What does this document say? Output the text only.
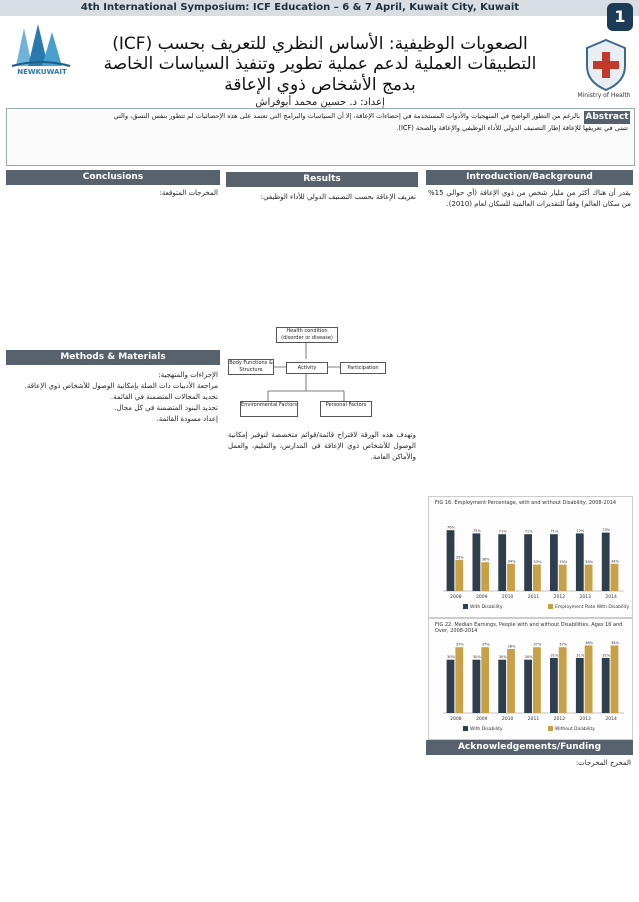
4th International Symposium: ICF Education – 6 & 7 April, Kuwait City, Kuwait	1
NEWKUWAIT
Ministry of Health
الصعوبات الوظيفية: الأساس النظري للتعريف بحسب (ICF)
التطبيقات العملية لدعم عملية تطوير وتنفيذ السياسات الخاصة
بدمج الأشخاص ذوي الإعاقة
إعداد: د. حسين محمد أبوفراش
Abstract
بالرغم من التطور الواضح في المنهجيات والأدوات المستخدمة في إحصاءات الإعاقة، إلا أن السياسات والبرامج التي تعتمد على هذه الإحصائيات لم تتطور بنفس النسق، والتي
تتبنى في تعريفها للإعاقة إطار التصنيف الدولي للأداء الوظيفي والإعاقة والصحة (ICF).
Introduction/Background
Results
Conclusions
Methods & Materials
Acknowledgements/Funding
يقدر أن هناك أكثر من مليار شخص من ذوي الإعاقة (أي حوالي 15% من سكان العالم) وفقاً للتقديرات العالمية للسكان لعام (2010).
تعريف الإعاقة بحسب التصنيف الدولي للأداء الوظيفي:
وتهدف هذه الورقة لاقتراح قائمة/قوائم متخصصة لتوفير إمكانية الوصول للأشخاص ذوي الإعاقة في المدارس، والتعليم، والعمل والأماكن العامة.
المخرجات المتوقعة:
الإجراءات والمنهجية:
مراجعة الأدبيات ذات الصلة بإمكانية الوصول للأشخاص ذوي الإعاقة.
تحديد المجالات المتضمنة في القائمة.
تحديد البنود المتضمنة في كل مجال.
إعداد مسودة القائمة.
المخرج المخرجات:
Health condition
(disorder or disease)
Body Functions & Structure	Activity	Participation
Environmental Factors	Personal Factors
FIG 16. Employment Percentage, with and without Disability, 2008-2014
76%
39%
2008
72%
36%
2009
71%
34%
2010
71%
33%
2011
71%
33%
2012
72%
33%
2013
73%
34%
2014
With Disability	Employment Rate With Disability
FIG 22. Median Earnings, People with and without Disabilities, Ages 16 and Over, 2008-2014
30%
37%
2008
30%
37%
2009
30%
36%
2010
30%
37%
2011
31%
37%
2012
31%
38%
2013
31%
38%
2014
With Disability	Without Disability
